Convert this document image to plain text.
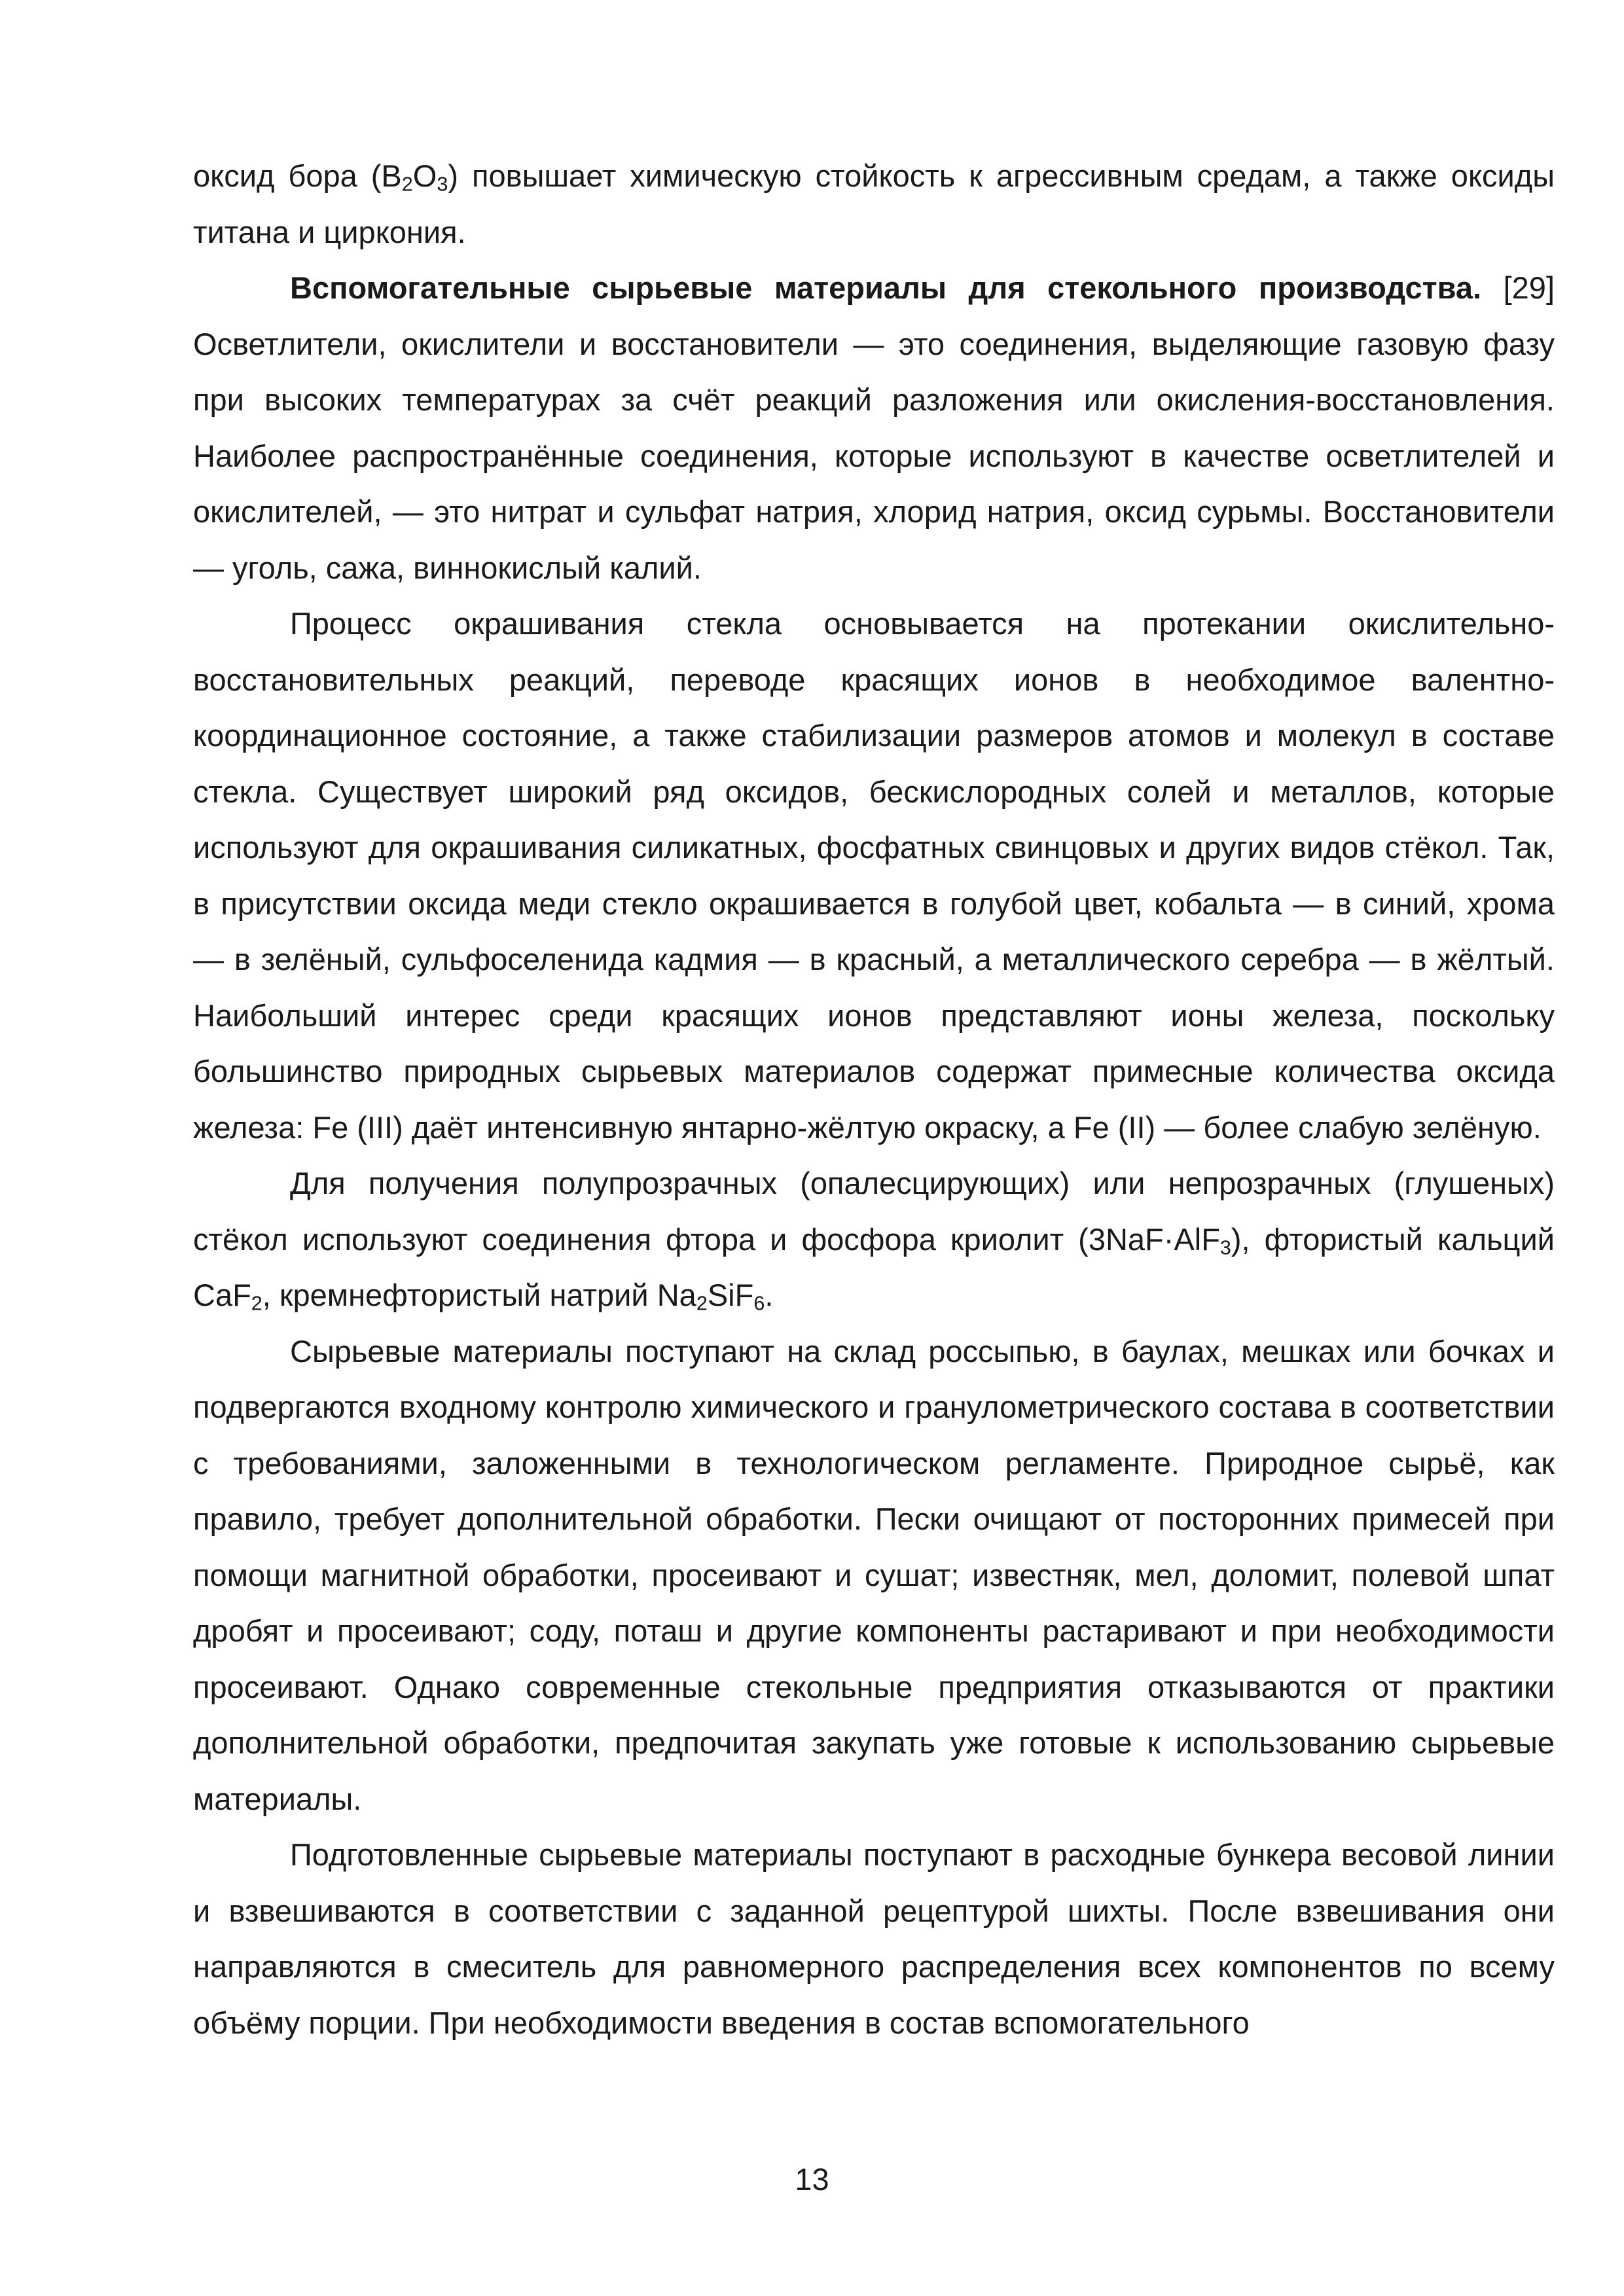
оксид бора $(B_2O_3)$ повышает химическую стойкость к агрессивным средам, а также оксиды титана и циркония.

Вспомогательные сырьевые материалы для стекольного производства. [29] Осветлители, окислители и восстановители — это соединения, выделяющие газовую фазу при высоких температурах за счёт реакций разложения или окисления-восстановления. Наиболее распространённые соединения, которые используют в качестве осветлителей и окислителей, — это нитрат и сульфат натрия, хлорид натрия, оксид сурьмы. Восстановители — уголь, сажа, виннокислый калий.

Процесс окрашивания стекла основывается на протекании окислительно-восстановительных реакций, переводе красящих ионов в необходимое валентно-координационное состояние, а также стабилизации размеров атомов и молекул в составе стекла. Существует широкий ряд оксидов, бескислородных солей и металлов, которые используют для окрашивания силикатных, фосфатных свинцовых и других видов стёкол. Так, в присутствии оксида меди стекло окрашивается в голубой цвет, кобальта — в синий, хрома — в зелёный, сульфоселенида кадмия — в красный, а металлического серебра — в жёлтый. Наибольший интерес среди красящих ионов представляют ионы железа, поскольку большинство природных сырьевых материалов содержат примесные количества оксида железа: Fe (III) даёт интенсивную янтарно-жёлтую окраску, а Fe (II) — более слабую зелёную.

Для получения полупрозрачных (опалесцирующих) или непрозрачных (глушеных) стёкол используют соединения фтора и фосфора криолит (3NaF·AlF$_3$), фтористый кальций CaF$_2$, кремнефтористый натрий $Na_2SiF_6$.

Сырьевые материалы поступают на склад россыпью, в баулах, мешках или бочках и подвергаются входному контролю химического и гранулометрического состава в соответствии с требованиями, заложенными в технологическом регламенте. Природное сырьё, как правило, требует дополнительной обработки. Пески очищают от посторонних примесей при помощи магнитной обработки, просеивают и сушат; известняк, мел, доломит, полевой шпат дробят и просеивают; соду, поташ и другие компоненты растаривают и при необходимости просеивают. Однако современные стекольные предприятия отказываются от практики дополнительной обработки, предпочитая закупать уже готовые к использованию сырьевые материалы.

Подготовленные сырьевые материалы поступают в расходные бункера весовой линии и взвешиваются в соответствии с заданной рецептурой шихты. После взвешивания они направляются в смеситель для равномерного распределения всех компонентов по всему объёму порции. При необходимости введения в состав вспомогательного

13
